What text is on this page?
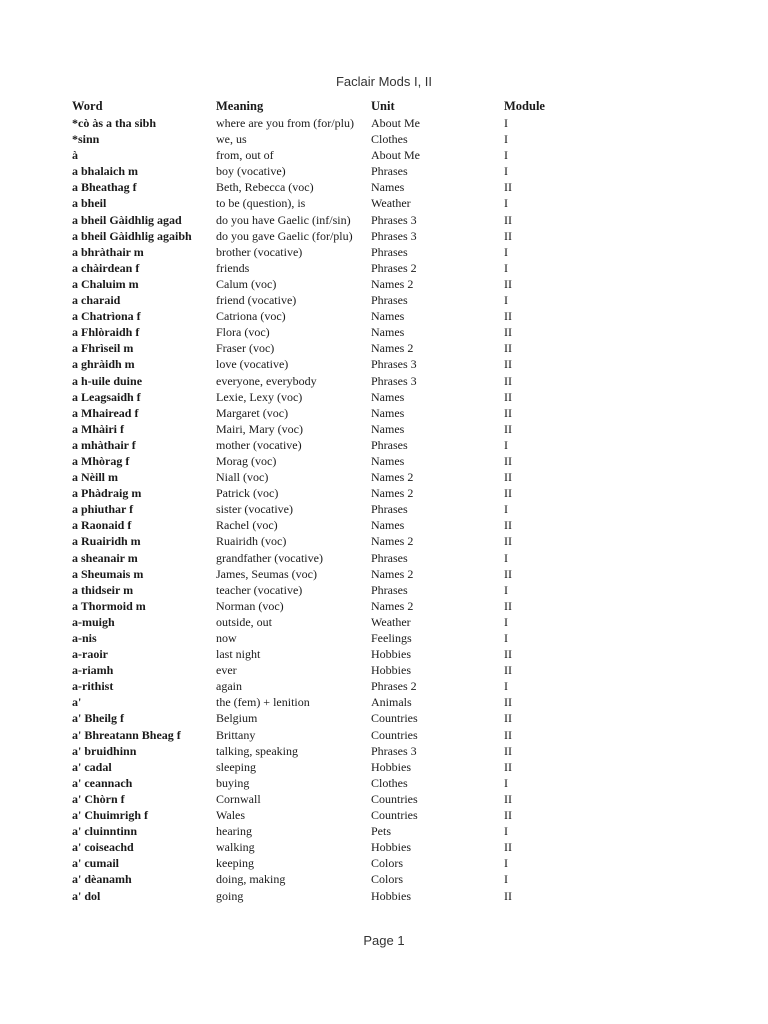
Faclair Mods I, II
Word	Meaning	Unit	Module
*cò às a tha sibh	where are you from (for/plu)	About Me	I
*sinn	we, us	Clothes	I
à	from, out of	About Me	I
a bhalaich m	boy (vocative)	Phrases	I
a Bheathag f	Beth, Rebecca (voc)	Names	II
a bheil	to be (question), is	Weather	I
a bheil Gàidhlig agad	do you have Gaelic (inf/sin)	Phrases 3	II
a bheil Gàidhlig agaibh	do you gave Gaelic (for/plu)	Phrases 3	II
a bhràthair m	brother (vocative)	Phrases	I
a chàirdean f	friends	Phrases 2	I
a Chaluim m	Calum (voc)	Names 2	II
a charaid	friend (vocative)	Phrases	I
a Chatrìona f	Catriona (voc)	Names	II
a Fhlòraidh f	Flora (voc)	Names	II
a Fhrìseil m	Fraser (voc)	Names 2	II
a ghràidh m	love (vocative)	Phrases 3	II
a h-uile duine	everyone, everybody	Phrases 3	II
a Leagsaidh f	Lexie, Lexy (voc)	Names	II
a Mhairead f	Margaret (voc)	Names	II
a Mhàiri f	Mairi, Mary (voc)	Names	II
a mhàthair f	mother (vocative)	Phrases	I
a Mhòrag f	Morag (voc)	Names	II
a Nèill m	Niall (voc)	Names 2	II
a Phàdraig m	Patrick (voc)	Names 2	II
a phiuthar f	sister (vocative)	Phrases	I
a Raonaid f	Rachel (voc)	Names	II
a Ruairidh m	Ruairidh (voc)	Names 2	II
a sheanair m	grandfather (vocative)	Phrases	I
a Sheumais m	James, Seumas (voc)	Names 2	II
a thidseir m	teacher (vocative)	Phrases	I
a Thormoid m	Norman (voc)	Names 2	II
a-muigh	outside, out	Weather	I
a-nis	now	Feelings	I
a-raoir	last night	Hobbies	II
a-riamh	ever	Hobbies	II
a-rithist	again	Phrases 2	I
a'	the (fem) + lenition	Animals	II
a' Bheilg f	Belgium	Countries	II
a' Bhreatann Bheag f	Brittany	Countries	II
a' bruidhinn	talking, speaking	Phrases 3	II
a' cadal	sleeping	Hobbies	II
a' ceannach	buying	Clothes	I
a' Chòrn f	Cornwall	Countries	II
a' Chuimrigh f	Wales	Countries	II
a' cluinntinn	hearing	Pets	I
a' coiseachd	walking	Hobbies	II
a' cumail	keeping	Colors	I
a' dèanamh	doing, making	Colors	I
a' dol	going	Hobbies	II
Page 1
